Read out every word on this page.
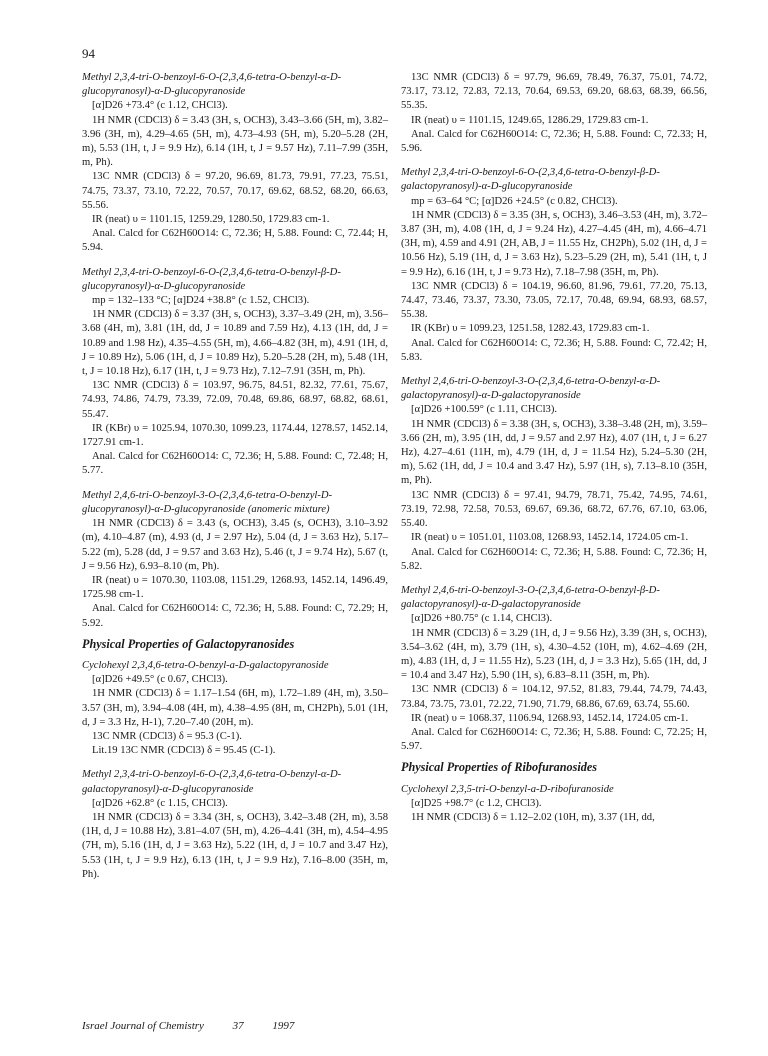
94

Methyl 2,3,4-tri-O-benzoyl-6-O-(2,3,4,6-tetra-O-benzyl-α-D-glucopyranosyl)-α-D-glucopyranoside

[α]D26 +73.4° (c 1.12, CHCl3).

1H NMR (CDCl3) δ = 3.43 (3H, s, OCH3), 3.43–3.66 (5H, m), 3.82–3.96 (3H, m), 4.29–4.65 (5H, m), 4.73–4.93 (5H, m), 5.20–5.28 (2H, m), 5.53 (1H, t, J = 9.9 Hz), 6.14 (1H, t, J = 9.57 Hz), 7.11–7.99 (35H, m, Ph).

13C NMR (CDCl3) δ = 97.20, 96.69, 81.73, 79.91, 77.23, 75.51, 74.75, 73.37, 73.10, 72.22, 70.57, 70.17, 69.62, 68.52, 68.20, 66.63, 55.56.

IR (neat) υ = 1101.15, 1259.29, 1280.50, 1729.83 cm-1.

Anal. Calcd for C62H60O14: C, 72.36; H, 5.88. Found: C, 72.44; H, 5.94.

Methyl 2,3,4-tri-O-benzoyl-6-O-(2,3,4,6-tetra-O-benzyl-β-D-glucopyranosyl)-α-D-glucopyranoside

mp = 132–133 °C; [α]D24 +38.8° (c 1.52, CHCl3).

1H NMR (CDCl3) δ = 3.37 (3H, s, OCH3), 3.37–3.49 (2H, m), 3.56–3.68 (4H, m), 3.81 (1H, dd, J = 10.89 and 7.59 Hz), 4.13 (1H, dd, J = 10.89 and 1.98 Hz), 4.35–4.55 (5H, m), 4.66–4.82 (3H, m), 4.91 (1H, d, J = 10.89 Hz), 5.06 (1H, d, J = 10.89 Hz), 5.20–5.28 (2H, m), 5.48 (1H, t, J = 10.18 Hz), 6.17 (1H, t, J = 9.73 Hz), 7.12–7.91 (35H, m, Ph).

13C NMR (CDCl3) δ = 103.97, 96.75, 84.51, 82.32, 77.61, 75.67, 74.93, 74.86, 74.79, 73.39, 72.09, 70.48, 69.86, 68.97, 68.82, 68.61, 55.47.

IR (KBr) υ = 1025.94, 1070.30, 1099.23, 1174.44, 1278.57, 1452.14, 1727.91 cm-1.

Anal. Calcd for C62H60O14: C, 72.36; H, 5.88. Found: C, 72.48; H, 5.77.

Methyl 2,4,6-tri-O-benzoyl-3-O-(2,3,4,6-tetra-O-benzyl-D-glucopyranosyl)-α-D-glucopyranoside (anomeric mixture)

1H NMR (CDCl3) δ = 3.43 (s, OCH3), 3.45 (s, OCH3), 3.10–3.92 (m), 4.10–4.87 (m), 4.93 (d, J = 2.97 Hz), 5.04 (d, J = 3.63 Hz), 5.17–5.22 (m), 5.28 (dd, J = 9.57 and 3.63 Hz), 5.46 (t, J = 9.74 Hz), 5.67 (t, J = 9.56 Hz), 6.93–8.10 (m, Ph).

IR (neat) υ = 1070.30, 1103.08, 1151.29, 1268.93, 1452.14, 1496.49, 1725.98 cm-1.

Anal. Calcd for C62H60O14: C, 72.36; H, 5.88. Found: C, 72.29; H, 5.92.

Physical Properties of Galactopyranosides

Cyclohexyl 2,3,4,6-tetra-O-benzyl-a-D-galactopyranoside

[α]D26 +49.5° (c 0.67, CHCl3).

1H NMR (CDCl3) δ = 1.17–1.54 (6H, m), 1.72–1.89 (4H, m), 3.50–3.57 (3H, m), 3.94–4.08 (4H, m), 4.38–4.95 (8H, m, CH2Ph), 5.01 (1H, d, J = 3.3 Hz, H-1), 7.20–7.40 (20H, m).

13C NMR (CDCl3) δ = 95.3 (C-1).

Lit.19 13C NMR (CDCl3) δ = 95.45 (C-1).

Methyl 2,3,4-tri-O-benzoyl-6-O-(2,3,4,6-tetra-O-benzyl-α-D-galactopyranosyl)-α-D-glucopyranoside

[α]D26 +62.8° (c 1.15, CHCl3).

1H NMR (CDCl3) δ = 3.34 (3H, s, OCH3), 3.42–3.48 (2H, m), 3.58 (1H, d, J = 10.88 Hz), 3.81–4.07 (5H, m), 4.26–4.41 (3H, m), 4.54–4.95 (7H, m), 5.16 (1H, d, J = 3.63 Hz), 5.22 (1H, d, J = 10.7 and 3.47 Hz), 5.53 (1H, t, J = 9.9 Hz), 6.13 (1H, t, J = 9.9 Hz), 7.16–8.00 (35H, m, Ph).

13C NMR (CDCl3) δ = 97.79, 96.69, 78.49, 76.37, 75.01, 74.72, 73.17, 73.12, 72.83, 72.13, 70.64, 69.53, 69.20, 68.63, 68.39, 66.56, 55.35.

IR (neat) υ = 1101.15, 1249.65, 1286.29, 1729.83 cm-1.

Anal. Calcd for C62H60O14: C, 72.36; H, 5.88. Found: C, 72.33; H, 5.96.

Methyl 2,3,4-tri-O-benzoyl-6-O-(2,3,4,6-tetra-O-benzyl-β-D-galactopyranosyl)-α-D-glucopyranoside

mp = 63–64 °C; [α]D26 +24.5° (c 0.82, CHCl3).

1H NMR (CDCl3) δ = 3.35 (3H, s, OCH3), 3.46–3.53 (4H, m), 3.72–3.87 (3H, m), 4.08 (1H, d, J = 9.24 Hz), 4.27–4.45 (4H, m), 4.66–4.71 (3H, m), 4.59 and 4.91 (2H, AB, J = 11.55 Hz, CH2Ph), 5.02 (1H, d, J = 10.56 Hz), 5.19 (1H, d, J = 3.63 Hz), 5.23–5.29 (2H, m), 5.41 (1H, t, J = 9.9 Hz), 6.16 (1H, t, J = 9.73 Hz), 7.18–7.98 (35H, m, Ph).

13C NMR (CDCl3) δ = 104.19, 96.60, 81.96, 79.61, 77.20, 75.13, 74.47, 73.46, 73.37, 73.30, 73.05, 72.17, 70.48, 69.94, 68.93, 68.57, 55.38.

IR (KBr) υ = 1099.23, 1251.58, 1282.43, 1729.83 cm-1.

Anal. Calcd for C62H60O14: C, 72.36; H, 5.88. Found: C, 72.42; H, 5.83.

Methyl 2,4,6-tri-O-benzoyl-3-O-(2,3,4,6-tetra-O-benzyl-α-D-galactopyranosyl)-α-D-galactopyranoside

[α]D26 +100.59° (c 1.11, CHCl3).

1H NMR (CDCl3) δ = 3.38 (3H, s, OCH3), 3.38–3.48 (2H, m), 3.59–3.66 (2H, m), 3.95 (1H, dd, J = 9.57 and 2.97 Hz), 4.07 (1H, t, J = 6.27 Hz), 4.27–4.61 (11H, m), 4.79 (1H, d, J = 11.54 Hz), 5.24–5.30 (2H, m), 5.62 (1H, dd, J = 10.4 and 3.47 Hz), 5.97 (1H, s), 7.13–8.10 (35H, m, Ph).

13C NMR (CDCl3) δ = 97.41, 94.79, 78.71, 75.42, 74.95, 74.61, 73.19, 72.98, 72.58, 70.53, 69.67, 69.36, 68.72, 67.76, 67.10, 63.06, 55.40.

IR (neat) υ = 1051.01, 1103.08, 1268.93, 1452.14, 1724.05 cm-1.

Anal. Calcd for C62H60O14: C, 72.36; H, 5.88. Found: C, 72.36; H, 5.82.

Methyl 2,4,6-tri-O-benzoyl-3-O-(2,3,4,6-tetra-O-benzyl-β-D-galactopyranosyl)-α-D-galactopyranoside

[α]D26 +80.75° (c 1.14, CHCl3).

1H NMR (CDCl3) δ = 3.29 (1H, d, J = 9.56 Hz), 3.39 (3H, s, OCH3), 3.54–3.62 (4H, m), 3.79 (1H, s), 4.30–4.52 (10H, m), 4.62–4.69 (2H, m), 4.83 (1H, d, J = 11.55 Hz), 5.23 (1H, d, J = 3.3 Hz), 5.65 (1H, dd, J = 10.4 and 3.47 Hz), 5.90 (1H, s), 6.83–8.11 (35H, m, Ph).

13C NMR (CDCl3) δ = 104.12, 97.52, 81.83, 79.44, 74.79, 74.43, 73.84, 73.75, 73.01, 72.22, 71.90, 71.79, 68.86, 67.69, 63.74, 55.60.

IR (neat) υ = 1068.37, 1106.94, 1268.93, 1452.14, 1724.05 cm-1.

Anal. Calcd for C62H60O14: C, 72.36; H, 5.88. Found: C, 72.25; H, 5.97.

Physical Properties of Ribofuranosides

Cyclohexyl 2,3,5-tri-O-benzyl-a-D-ribofuranoside

[α]D25 +98.7° (c 1.2, CHCl3).

1H NMR (CDCl3) δ = 1.12–2.02 (10H, m), 3.37 (1H, dd,

Israel Journal of Chemistry	37	1997
